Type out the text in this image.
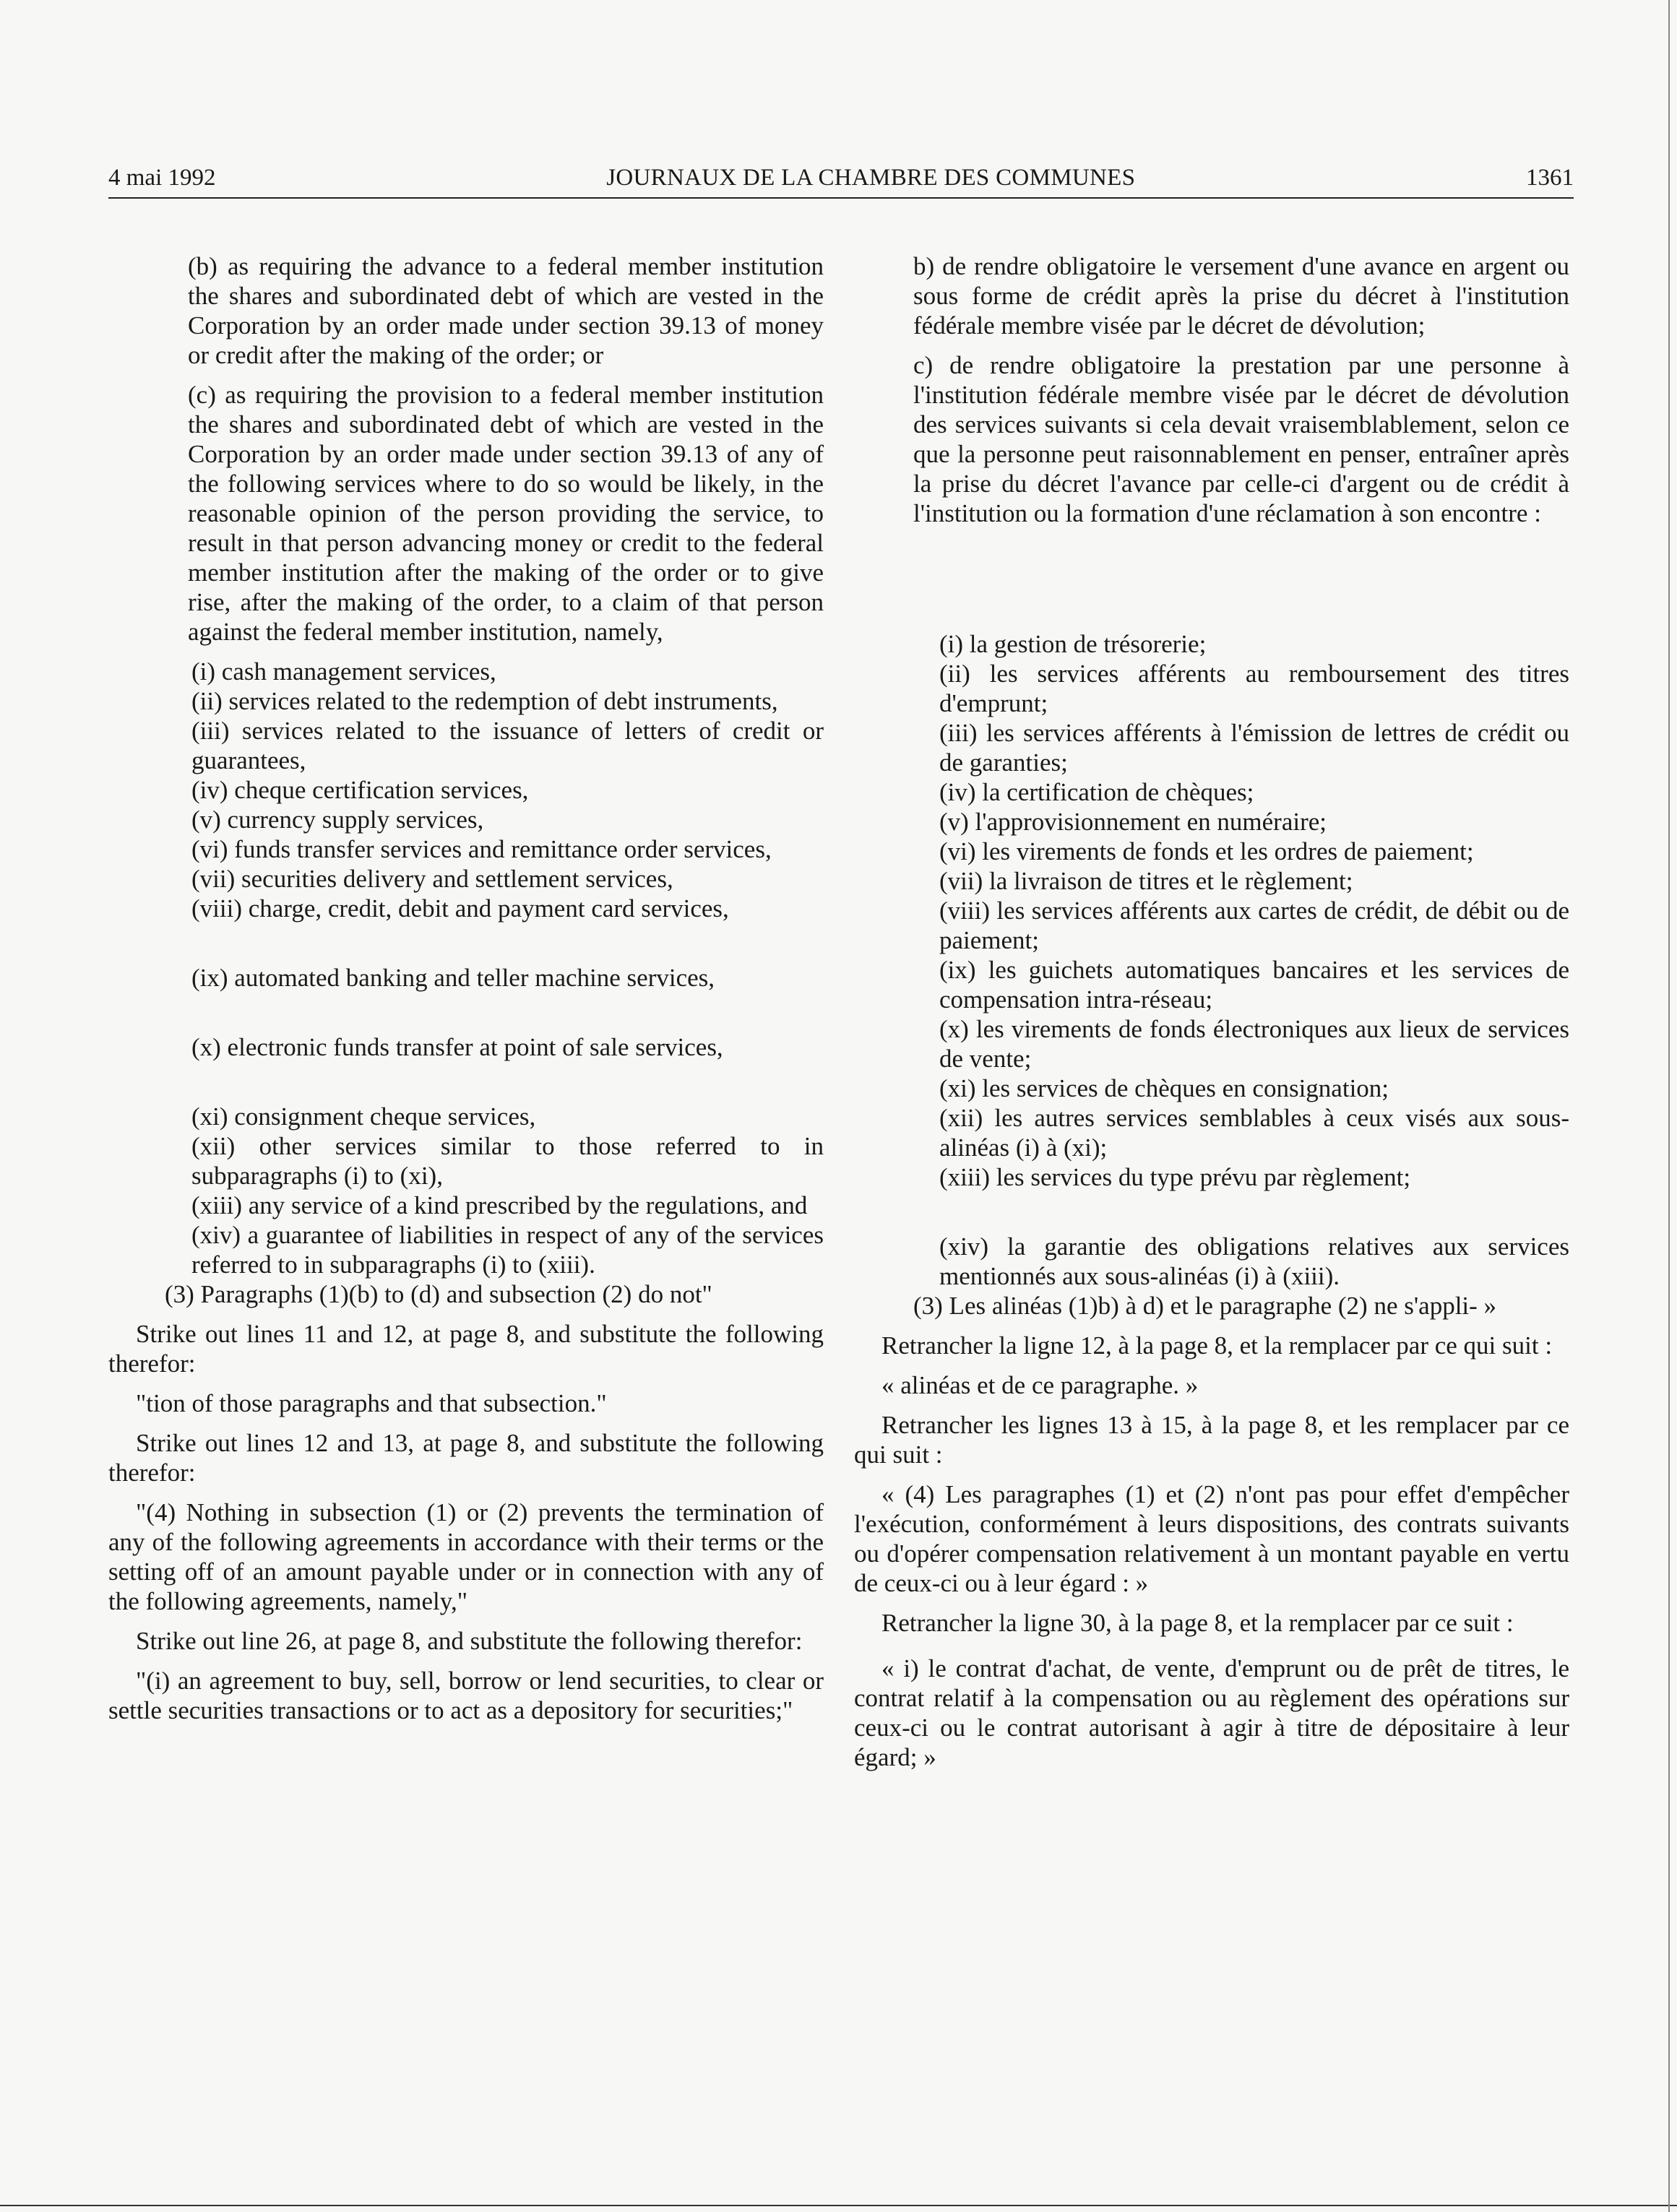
4 mai 1992	JOURNAUX DE LA CHAMBRE DES COMMUNES	1361

(b) as requiring the advance to a federal member institution the shares and subordinated debt of which are vested in the Corporation by an order made under section 39.13 of money or credit after the making of the order; or

(c) as requiring the provision to a federal member institution the shares and subordinated debt of which are vested in the Corporation by an order made under section 39.13 of any of the following services where to do so would be likely, in the reasonable opinion of the person providing the service, to result in that person advancing money or credit to the federal member institution after the making of the order or to give rise, after the making of the order, to a claim of that person against the federal member institution, namely,

(i) cash management services,

(ii) services related to the redemption of debt instruments,

(iii) services related to the issuance of letters of credit or guarantees,

(iv) cheque certification services,

(v) currency supply services,

(vi) funds transfer services and remittance order services,

(vii) securities delivery and settlement services,

(viii) charge, credit, debit and payment card services,

(ix) automated banking and teller machine services,

(x) electronic funds transfer at point of sale services,

(xi) consignment cheque services,

(xii) other services similar to those referred to in subparagraphs (i) to (xi),

(xiii) any service of a kind prescribed by the regulations, and

(xiv) a guarantee of liabilities in respect of any of the services referred to in subparagraphs (i) to (xiii).

(3) Paragraphs (1)(b) to (d) and subsection (2) do not"

Strike out lines 11 and 12, at page 8, and substitute the following therefor:

"tion of those paragraphs and that subsection."

Strike out lines 12 and 13, at page 8, and substitute the following therefor:

"(4) Nothing in subsection (1) or (2) prevents the termination of any of the following agreements in accordance with their terms or the setting off of an amount payable under or in connection with any of the following agreements, namely,"

Strike out line 26, at page 8, and substitute the following therefor:

"(i) an agreement to buy, sell, borrow or lend securities, to clear or settle securities transactions or to act as a depository for securities;"

b) de rendre obligatoire le versement d'une avance en argent ou sous forme de crédit après la prise du décret à l'institution fédérale membre visée par le décret de dévolution;

c) de rendre obligatoire la prestation par une personne à l'institution fédérale membre visée par le décret de dévolution des services suivants si cela devait vraisemblablement, selon ce que la personne peut raisonnablement en penser, entraîner après la prise du décret l'avance par celle-ci d'argent ou de crédit à l'institution ou la formation d'une réclamation à son encontre :

(i) la gestion de trésorerie;

(ii) les services afférents au remboursement des titres d'emprunt;

(iii) les services afférents à l'émission de lettres de crédit ou de garanties;

(iv) la certification de chèques;

(v) l'approvisionnement en numéraire;

(vi) les virements de fonds et les ordres de paiement;

(vii) la livraison de titres et le règlement;

(viii) les services afférents aux cartes de crédit, de débit ou de paiement;

(ix) les guichets automatiques bancaires et les services de compensation intra-réseau;

(x) les virements de fonds électroniques aux lieux de services de vente;

(xi) les services de chèques en consignation;

(xii) les autres services semblables à ceux visés aux sous-alinéas (i) à (xi);

(xiii) les services du type prévu par règlement;

(xiv) la garantie des obligations relatives aux services mentionnés aux sous-alinéas (i) à (xiii).

(3) Les alinéas (1)b) à d) et le paragraphe (2) ne s'appli- »

Retrancher la ligne 12, à la page 8, et la remplacer par ce qui suit :

« alinéas et de ce paragraphe. »

Retrancher les lignes 13 à 15, à la page 8, et les remplacer par ce qui suit :

« (4) Les paragraphes (1) et (2) n'ont pas pour effet d'empêcher l'exécution, conformément à leurs dispositions, des contrats suivants ou d'opérer compensation relativement à un montant payable en vertu de ceux-ci ou à leur égard : »

Retrancher la ligne 30, à la page 8, et la remplacer par ce suit :

« i) le contrat d'achat, de vente, d'emprunt ou de prêt de titres, le contrat relatif à la compensation ou au règlement des opérations sur ceux-ci ou le contrat autorisant à agir à titre de dépositaire à leur égard; »
